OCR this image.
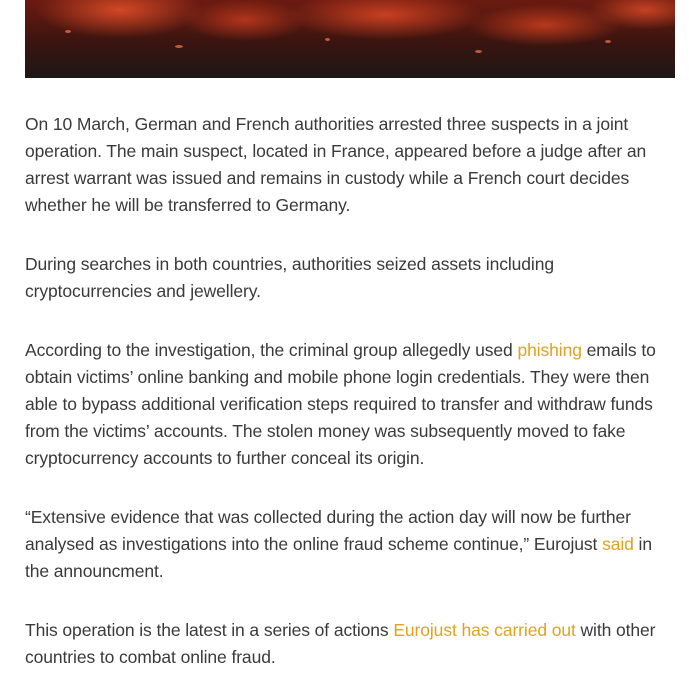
On 10 March, German and French authorities arrested three suspects in a joint operation. The main suspect, located in France, appeared before a judge after an arrest warrant was issued and remains in custody while a French court decides whether he will be transferred to Germany.

During searches in both countries, authorities seized assets including cryptocurrencies and jewellery.

According to the investigation, the criminal group allegedly used phishing emails to obtain victims’ online banking and mobile phone login credentials. They were then able to bypass additional verification steps required to transfer and withdraw funds from the victims’ accounts. The stolen money was subsequently moved to fake cryptocurrency accounts to further conceal its origin.

“Extensive evidence that was collected during the action day will now be further analysed as investigations into the online fraud scheme continue,” Eurojust said in the announcment.

This operation is the latest in a series of actions Eurojust has carried out with other countries to combat online fraud.
